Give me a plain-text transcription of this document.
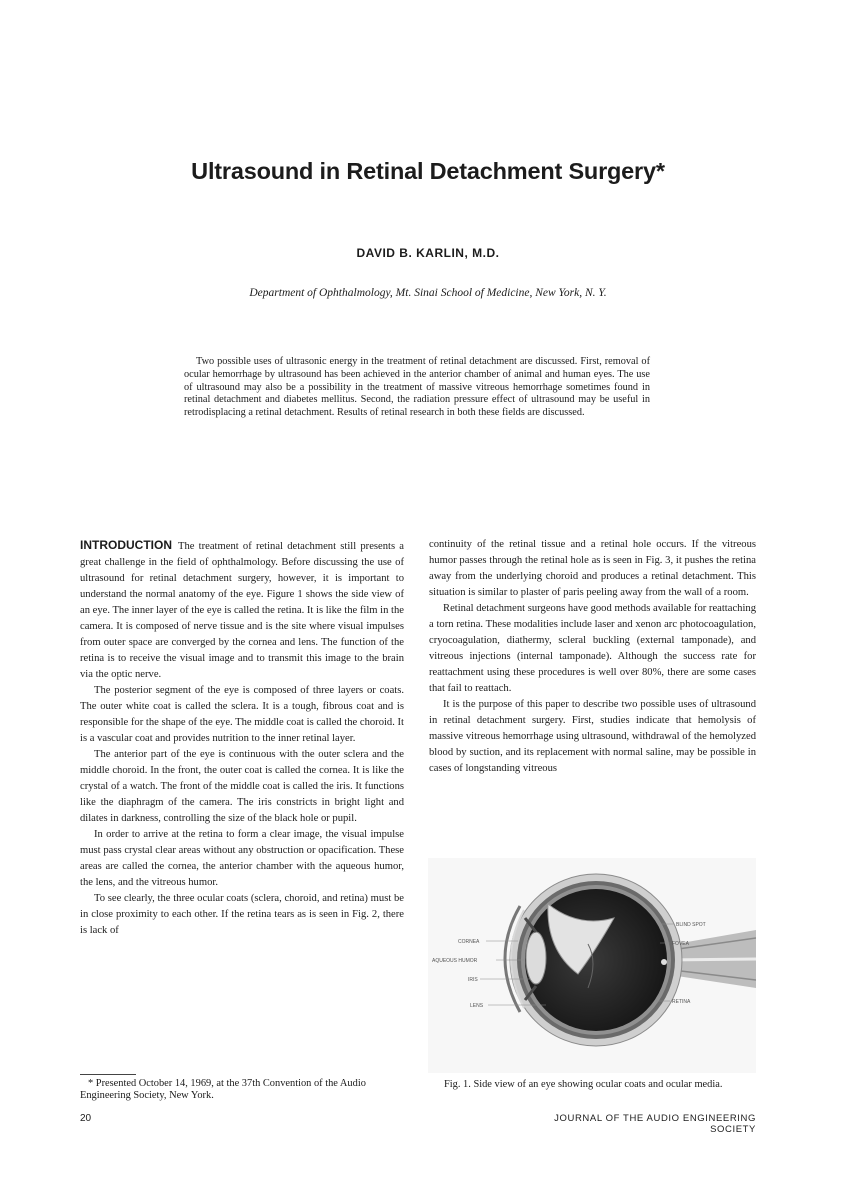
Ultrasound in Retinal Detachment Surgery*
DAVID B. KARLIN, M.D.
Department of Ophthalmology, Mt. Sinai School of Medicine, New York, N. Y.

Two possible uses of ultrasonic energy in the treatment of retinal detachment are discussed. First, removal of ocular hemorrhage by ultrasound has been achieved in the anterior chamber of animal and human eyes. The use of ultrasound may also be a possibility in the treatment of massive vitreous hemorrhage sometimes found in retinal detachment and diabetes mellitus. Second, the radiation pressure effect of ultrasound may be useful in retrodisplacing a retinal detachment. Results of retinal research in both these fields are discussed.

INTRODUCTION The treatment of retinal detachment still presents a great challenge in the field of ophthalmology. Before discussing the use of ultrasound for retinal detachment surgery, however, it is important to understand the normal anatomy of the eye. Figure 1 shows the side view of an eye. The inner layer of the eye is called the retina. It is like the film in the camera. It is composed of nerve tissue and is the site where visual impulses from outer space are converged by the cornea and lens. The function of the retina is to receive the visual image and to transmit this image to the brain via the optic nerve.

The posterior segment of the eye is composed of three layers or coats. The outer white coat is called the sclera. It is a tough, fibrous coat and is responsible for the shape of the eye. The middle coat is called the choroid. It is a vascular coat and provides nutrition to the inner retinal layer.

The anterior part of the eye is continuous with the outer sclera and the middle choroid. In the front, the outer coat is called the cornea. It is like the crystal of a watch. The front of the middle coat is called the iris. It functions like the diaphragm of the camera. The iris constricts in bright light and dilates in darkness, controlling the size of the black hole or pupil.

In order to arrive at the retina to form a clear image, the visual impulse must pass crystal clear areas without any obstruction or opacification. These areas are called the cornea, the anterior chamber with the aqueous humor, the lens, and the vitreous humor.

To see clearly, the three ocular coats (sclera, choroid, and retina) must be in close proximity to each other. If the retina tears as is seen in Fig. 2, there is lack of

continuity of the retinal tissue and a retinal hole occurs. If the vitreous humor passes through the retinal hole as is seen in Fig. 3, it pushes the retina away from the underlying choroid and produces a retinal detachment. This situation is similar to plaster of paris peeling away from the wall of a room.

Retinal detachment surgeons have good methods available for reattaching a torn retina. These modalities include laser and xenon arc photocoagulation, cryocoagulation, diathermy, scleral buckling (external tamponade), and vitreous injections (internal tamponade). Although the success rate for reattachment using these procedures is well over 80%, there are some cases that fail to reattach.

It is the purpose of this paper to describe two possible uses of ultrasound in retinal detachment surgery. First, studies indicate that hemolysis of massive vitreous hemorrhage using ultrasound, withdrawal of the hemolyzed blood by suction, and its replacement with normal saline, may be possible in cases of longstanding vitreous

CORNEA
AQUEOUS HUMOR
IRIS
LENS
BLIND SPOT
FOVEA
RETINA
Fig. 1. Side view of an eye showing ocular coats and ocular media.
* Presented October 14, 1969, at the 37th Convention of the Audio Engineering Society, New York.
20	JOURNAL OF THE AUDIO ENGINEERING SOCIETY
